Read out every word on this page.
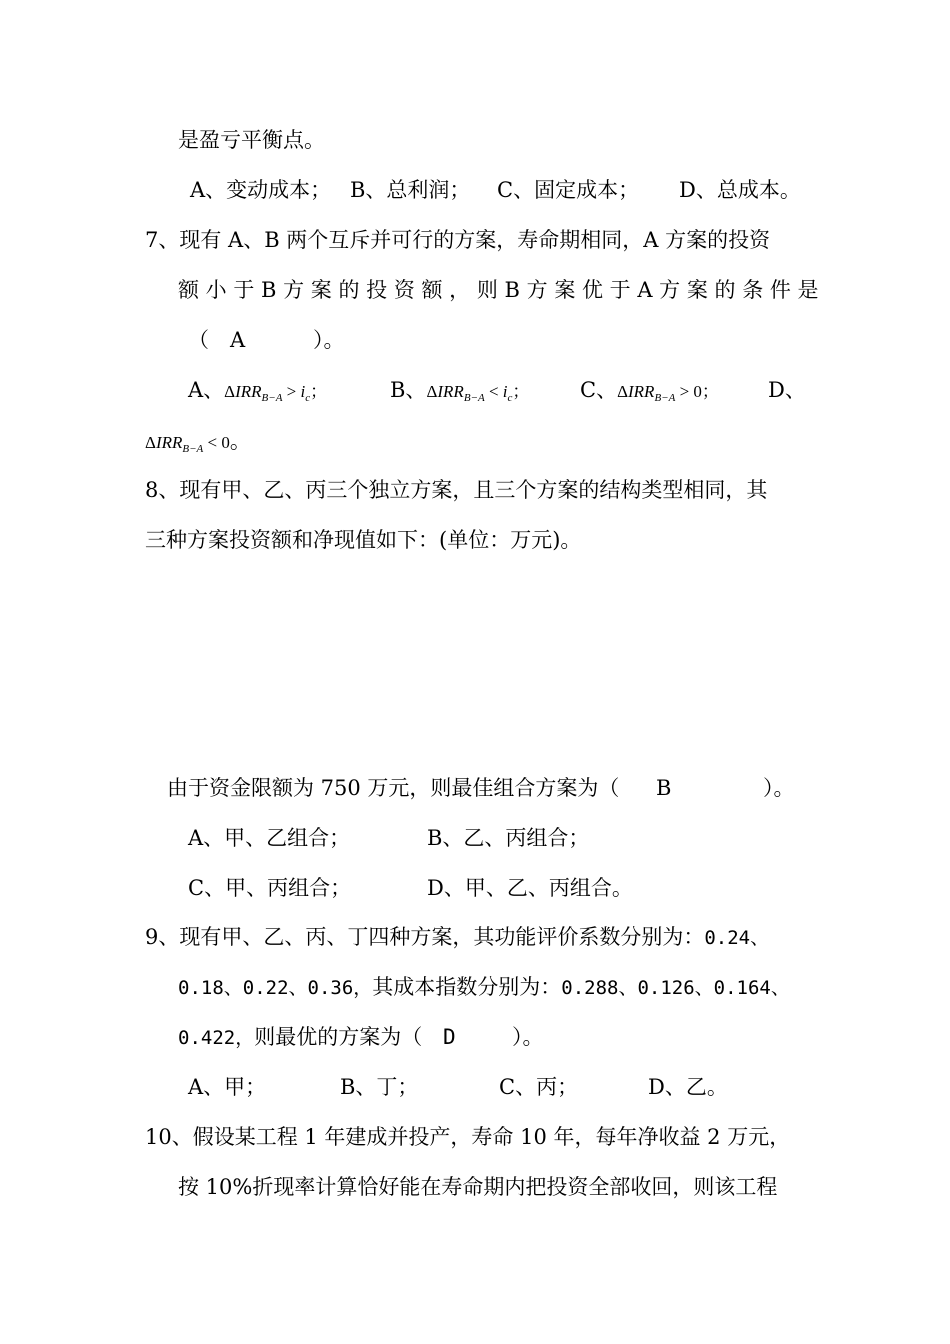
是盈亏平衡点。
A、变动成本； B、总利润； C、固定成本； D、总成本。
7、现有 A、B 两个互斥并可行的方案，寿命期相同，A 方案的投资
额 小 于 B 方 案 的 投 资 额 ， 则 B 方 案 优 于 A 方 案 的 条 件 是
（ A	）。
A、$\Delta IRR_{B-A} > i_c$；	B、$\Delta IRR_{B-A} < i_c$； C、$\Delta IRR_{B-A} > 0$； D、
$\Delta IRR_{B-A} < 0$。
8、现有甲、乙、丙三个独立方案，且三个方案的结构类型相同，其
三种方案投资额和净现值如下：(单位：万元)。
由于资金限额为 750 万元，则最佳组合方案为（ B	）。
A、甲、乙组合；	B、乙、丙组合；
C、甲、丙组合；	D、甲、乙、丙组合。
9、现有甲、乙、丙、丁四种方案，其功能评价系数分别为：0.24、
0.18、0.22、0.36，其成本指数分别为：0.288、0.126、0.164、
0.422，则最优的方案为（ D	）。
A、甲；	B、丁；	C、丙；	D、乙。
10、假设某工程 1 年建成并投产，寿命 10 年，每年净收益 2 万元，
按 10%折现率计算恰好能在寿命期内把投资全部收回，则该工程
